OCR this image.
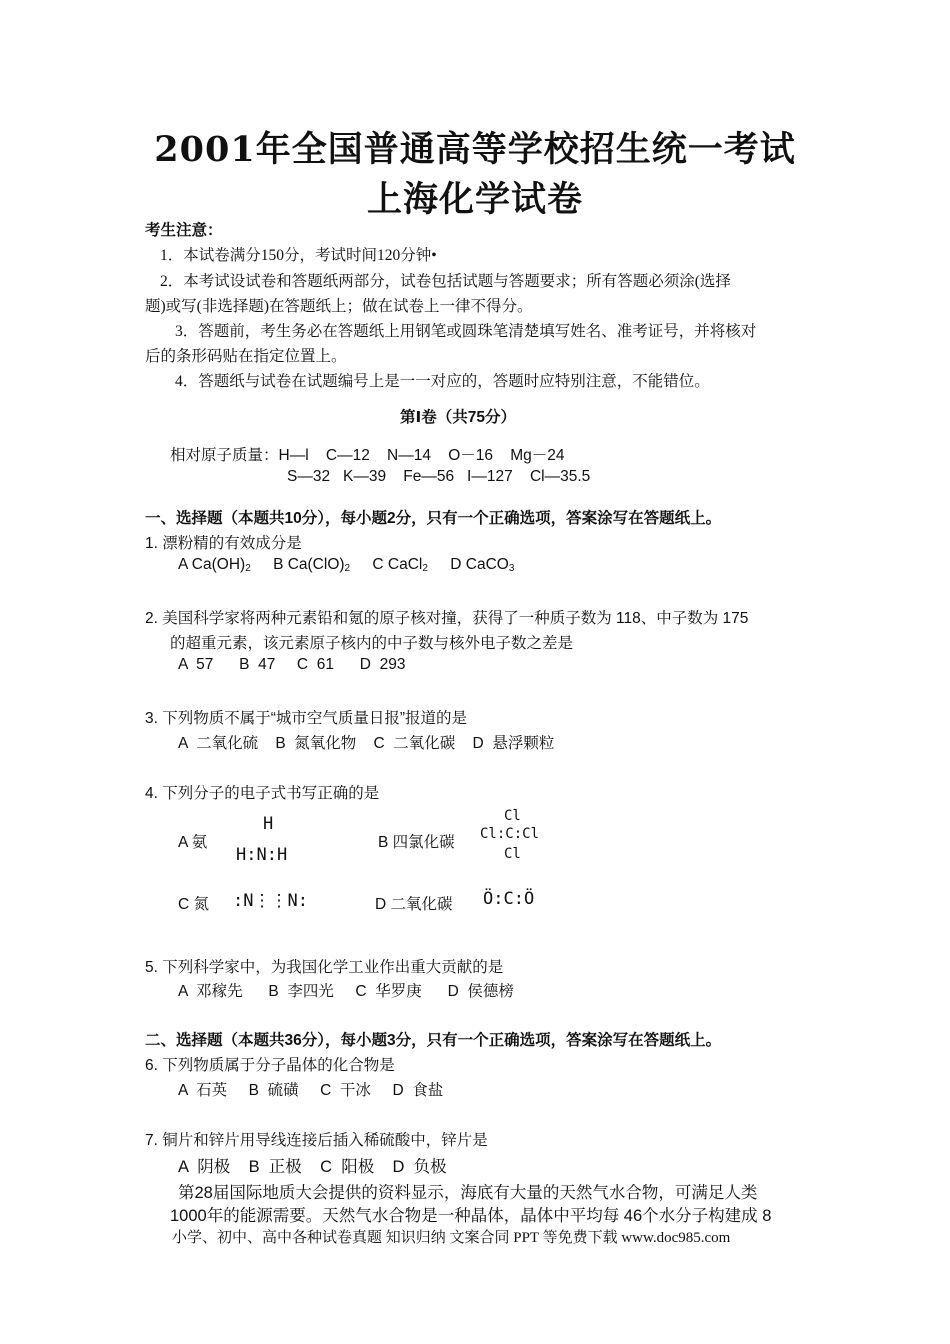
2001年全国普通高等学校招生统一考试
上海化学试卷
考生注意：
1．本试卷满分150分，考试时间120分钟•
2．本考试设试卷和答题纸两部分，试卷包括试题与答题要求；所有答题必须涂(选择
题)或写(非选择题)在答题纸上；做在试卷上一律不得分。
3．答题前，考生务必在答题纸上用钢笔或圆珠笔清楚填写姓名、准考证号，并将核对
后的条形码贴在指定位置上。
4．答题纸与试卷在试题编号上是一一对应的，答题时应特别注意，不能错位。
第Ⅰ卷（共75分）
相对原子质量：H—l    C—12    N—14    O－16    Mg－24
S—32   K—39    Fe—56   I—127    Cl—35.5
一、选择题（本题共10分），每小题2分，只有一个正确选项，答案涂写在答题纸上。
1. 漂粉精的有效成分是
A $Ca(OH)_2$ B $Ca(ClO)_2$ C CaCl$_2$ D CaCO$_3$
2. 美国科学家将两种元素铅和氪的原子核对撞，获得了一种质子数为 118、中子数为 175
的超重元素，该元素原子核内的中子数与核外电子数之差是
A  57      B  47     C  61      D  293
3. 下列物质不属于“城市空气质量日报”报道的是
A  二氧化硫    B  氮氧化物    C  二氧化碳    D  悬浮颗粒
4. 下列分子的电子式书写正确的是
A 氨
H
H:N:H
B 四氯化碳
Cl
Cl:C:Cl
Cl
C 氮 :N⋮⋮N:	D 二氧化碳 Ö:C:Ö
5. 下列科学家中，为我国化学工业作出重大贡献的是
A  邓稼先      B  李四光     C  华罗庚      D  侯德榜
二、选择题（本题共36分），每小题3分，只有一个正确选项，答案涂写在答题纸上。
6. 下列物质属于分子晶体的化合物是
A  石英     B  硫磺     C  干冰     D  食盐
7. 铜片和锌片用导线连接后插入稀硫酸中，锌片是
A  阴极    B  正极    C  阳极    D  负极
第28届国际地质大会提供的资料显示，海底有大量的天然气水合物，可满足人类
1000年的能源需要。天然气水合物是一种晶体，晶体中平均每 46个水分子构建成 8
小学、初中、高中各种试卷真题 知识归纳 文案合同 PPT 等免费下载 www.doc985.com
